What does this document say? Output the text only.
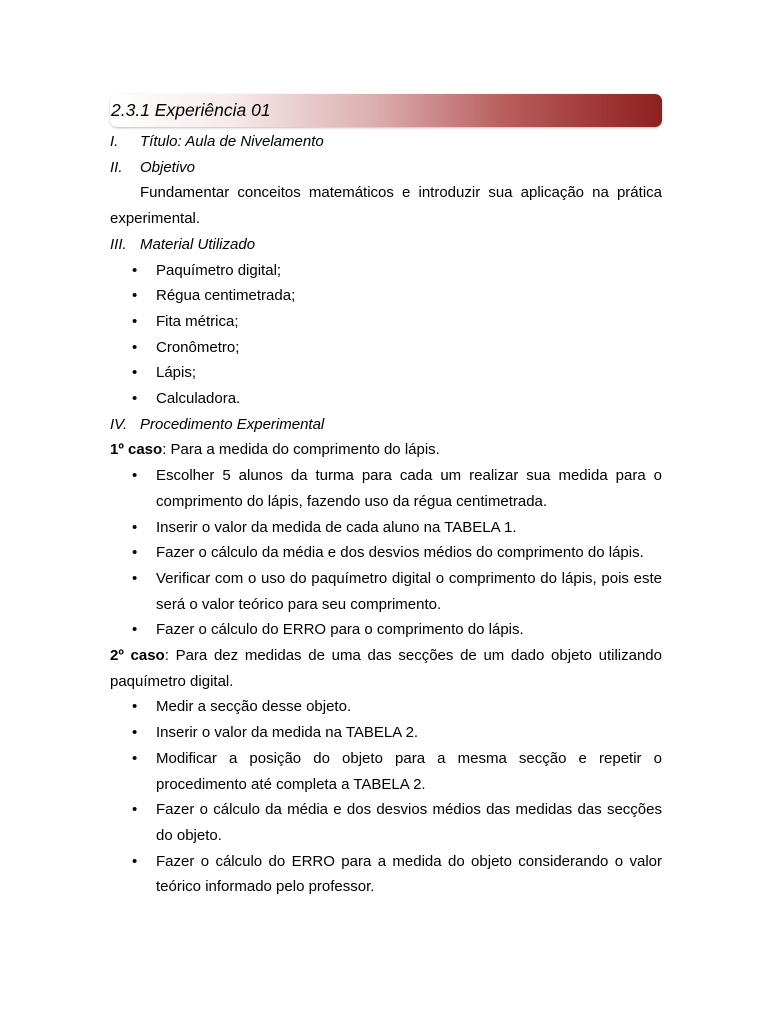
2.3.1 Experiência 01
I.	Título: Aula de Nivelamento
II.	Objetivo

Fundamentar conceitos matemáticos e introduzir sua aplicação na prática experimental.

III. Material Utilizado
• Paquímetro digital;
• Régua centimetrada;
• Fita métrica;
• Cronômetro;
• Lápis;
• Calculadora.
IV. Procedimento Experimental

1º caso: Para a medida do comprimento do lápis.

• Escolher 5 alunos da turma para cada um realizar sua medida para o comprimento do lápis, fazendo uso da régua centimetrada.
• Inserir o valor da medida de cada aluno na TABELA 1.
• Fazer o cálculo da média e dos desvios médios do comprimento do lápis.
• Verificar com o uso do paquímetro digital o comprimento do lápis, pois este será o valor teórico para seu comprimento.
• Fazer o cálculo do ERRO para o comprimento do lápis.

2º caso: Para dez medidas de uma das secções de um dado objeto utilizando paquímetro digital.

• Medir a secção desse objeto.
• Inserir o valor da medida na TABELA 2.
• Modificar a posição do objeto para a mesma secção e repetir o procedimento até completa a TABELA 2.
• Fazer o cálculo da média e dos desvios médios das medidas das secções do objeto.
• Fazer o cálculo do ERRO para a medida do objeto considerando o valor teórico informado pelo professor.
